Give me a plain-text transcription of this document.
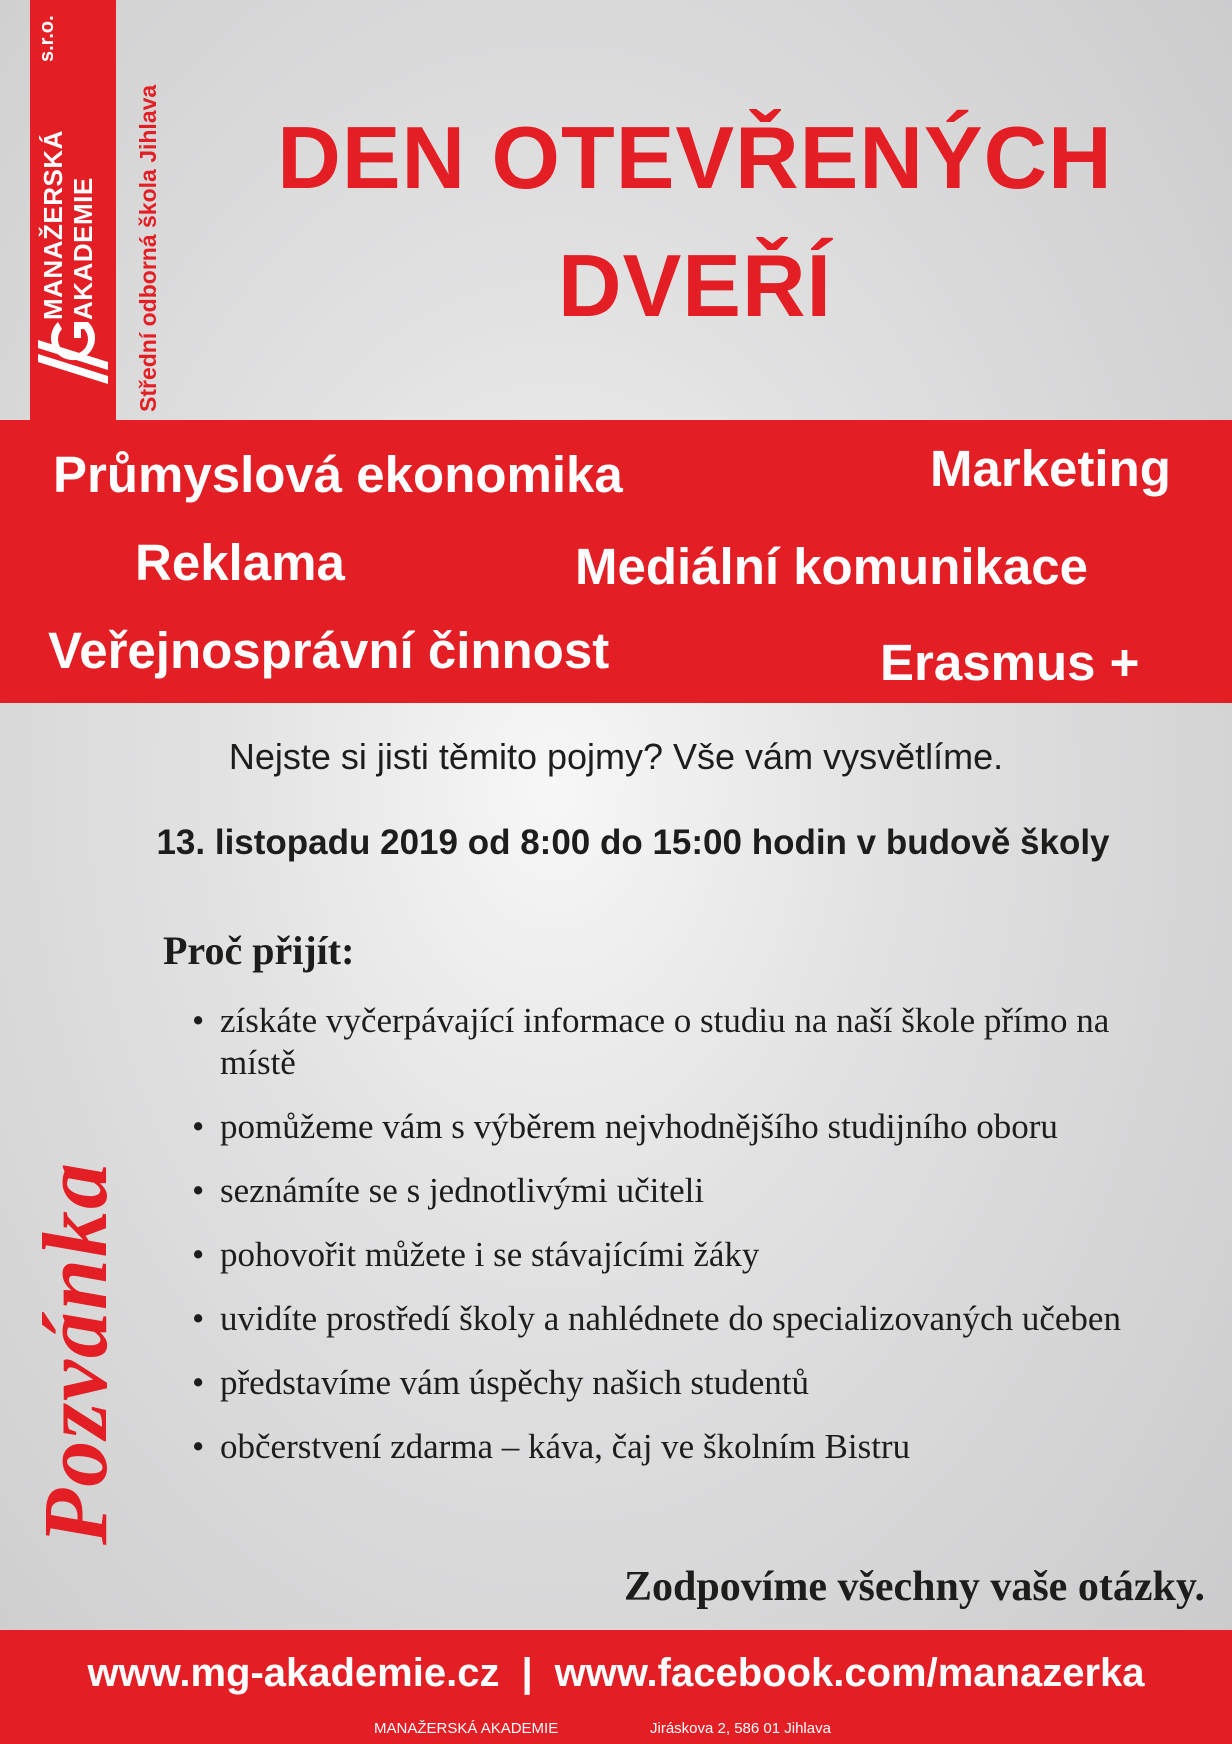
MANAŽERSKÁ AKADEMIE
s.r.o.
Střední odborná škola Jihlava	DEN OTEVŘENÝCH
DVEŘÍ
Průmyslová ekonomika	Marketing
Reklama	Mediální komunikace
Veřejnosprávní činnost	Erasmus +
Nejste si jisti těmito pojmy? Vše vám vysvětlíme.
13. listopadu 2019 od 8:00 do 15:00 hodin v budově školy
Proč přijít:
• získáte vyčerpávající informace o studiu na naší škole přímo na místě
• pomůžeme vám s výběrem nejvhodnějšího studijního oboru
• seznámíte se s jednotlivými učiteli
• pohovořit můžete i se stávajícími žáky
• uvidíte prostředí školy a nahlédnete do specializovaných učeben
• představíme vám úspěchy našich studentů
• občerstvení zdarma – káva, čaj ve školním Bistru
Pozvánka
Zodpovíme všechny vaše otázky.
www.mg-akademie.cz | www.facebook.com/manazerka
MANAŽERSKÁ AKADEMIE	Jiráskova 2, 586 01 Jihlava
